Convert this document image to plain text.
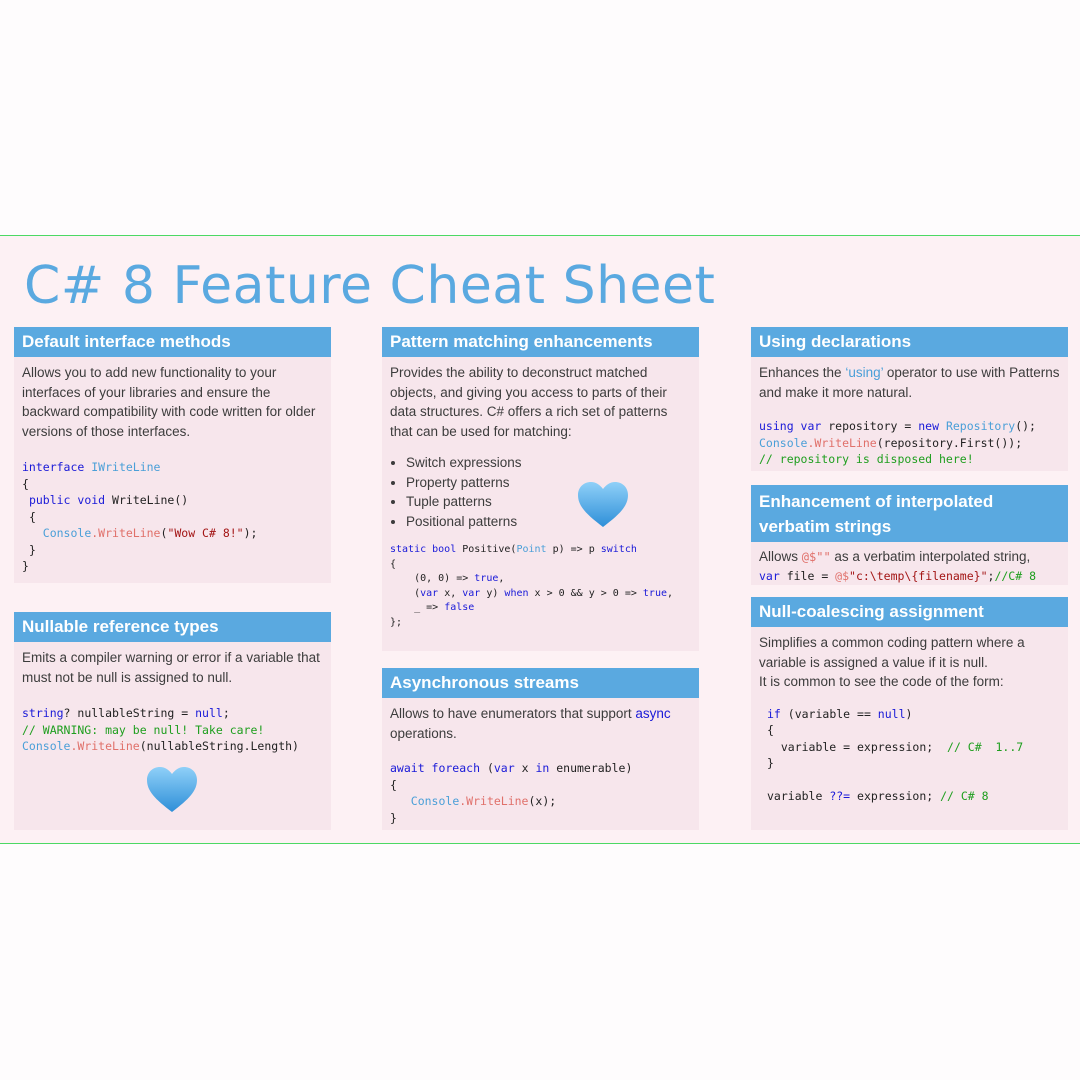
C# 8 Feature Cheat Sheet
Default interface methods

Allows you to add new functionality to your interfaces of your libraries and ensure the backward compatibility with code written for older versions of those interfaces.

interface IWriteLine
{
public void WriteLine()
{
Console.WriteLine("Wow C# 8!");
}
}
Nullable reference types

Emits a compiler warning or error if a variable that must not be null is assigned to null.

string? nullableString = null;
// WARNING: may be null! Take care!
Console.WriteLine(nullableString.Length)
Pattern matching enhancements

Provides the ability to deconstruct matched objects, and giving you access to parts of their data structures. C# offers a rich set of patterns that can be used for matching:

• Switch expressions
• Property patterns
• Tuple patterns
• Positional patterns
static bool Positive(Point p) => p switch
{
(0, 0) => true,
(var x, var y) when x > 0 && y > 0 => true,
_ => false
};
Asynchronous streams

Allows to have enumerators that support async operations.

await foreach (var x in enumerable)
{
Console.WriteLine(x);
}
Using declarations

Enhances the ‘using’ operator to use with Patterns and make it more natural.

using var repository = new Repository();
Console.WriteLine(repository.First());
// repository is disposed here!
Enhancement of interpolated verbatim strings

Allows @$"" as a verbatim interpolated string,

var file = @$"c:\temp\{filename}";//C# 8
Null-coalescing assignment

Simplifies a common coding pattern where a variable is assigned a value if it is null.

It is common to see the code of the form:

if (variable == null)
{
variable = expression;  // C#  1..7
}

variable ??= expression; // C# 8
